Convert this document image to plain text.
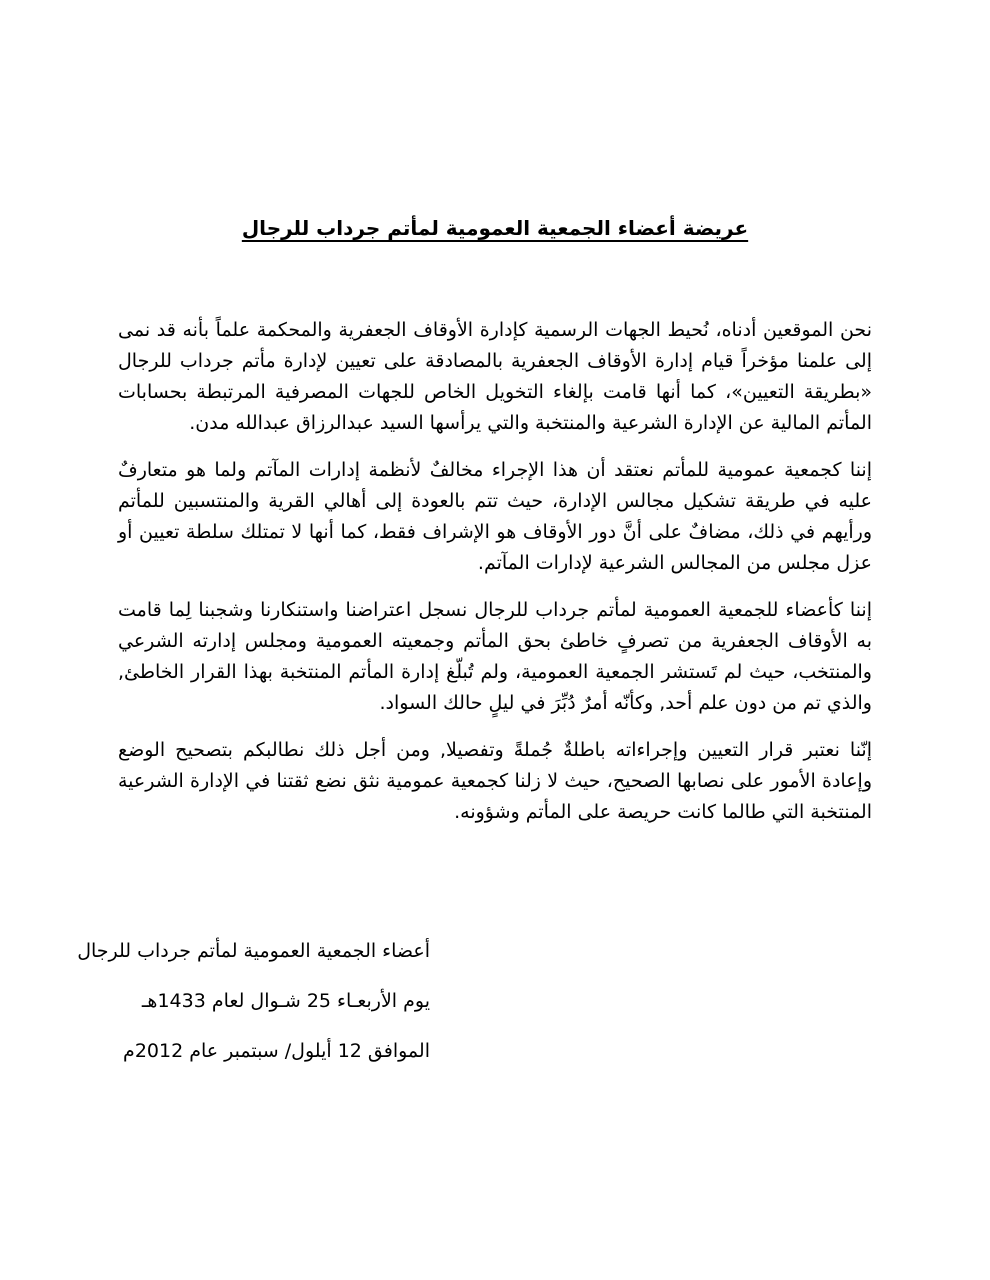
عريضة أعضاء الجمعية العمومية لمأتم جرداب للرجال

نحن الموقعين أدناه، نُحيط الجهات الرسمية كإدارة الأوقاف الجعفرية والمحكمة علماً بأنه قد نمى إلى علمنا مؤخراً قيام إدارة الأوقاف الجعفرية بالمصادقة على تعيين لإدارة مأتم جرداب للرجال «بطريقة التعيين»، كما أنها قامت بإلغاء التخويل الخاص للجهات المصرفية المرتبطة بحسابات المأتم المالية عن الإدارة الشرعية والمنتخبة والتي يرأسها السيد عبدالرزاق عبدالله مدن.

إننا كجمعية عمومية للمأتم نعتقد أن هذا الإجراء مخالفٌ لأنظمة إدارات المآتم ولما هو متعارفٌ عليه في طريقة تشكيل مجالس الإدارة، حيث تتم بالعودة إلى أهالي القرية والمنتسبين للمأتم ورأيهم في ذلك، مضافٌ على أنَّ دور الأوقاف هو الإشراف فقط، كما أنها لا تمتلك سلطة تعيين أو عزل مجلس من المجالس الشرعية لإدارات المآتم.

إننا كأعضاء للجمعية العمومية لمأتم جرداب للرجال نسجل اعتراضنا واستنكارنا وشجبنا لِما قامت به الأوقاف الجعفرية من تصرفٍ خاطئ بحق المأتم وجمعيته العمومية ومجلس إدارته الشرعي والمنتخب، حيث لم تَستشر الجمعية العمومية، ولم تُبلّغ إدارة المأتم المنتخبة بهذا القرار الخاطئ, والذي تم من دون علم أحد, وكأنّه أمرٌ دُبِّرَ في ليلٍ حالك السواد.

إنّنا نعتبر قرار التعيين وإجراءاته باطلةٌ جُملةً وتفصيلا, ومن أجل ذلك نطالبكم بتصحيح الوضع وإعادة الأمور على نصابها الصحيح، حيث لا زلنا كجمعية عمومية نثق نضع ثقتنا في الإدارة الشرعية المنتخبة التي طالما كانت حريصة على المأتم وشؤونه.

أعضاء الجمعية العمومية لمأتم جرداب للرجال

يوم الأربعـاء 25 شـوال لعام 1433هـ

الموافق 12 أيلول/ سبتمبر عام 2012م
